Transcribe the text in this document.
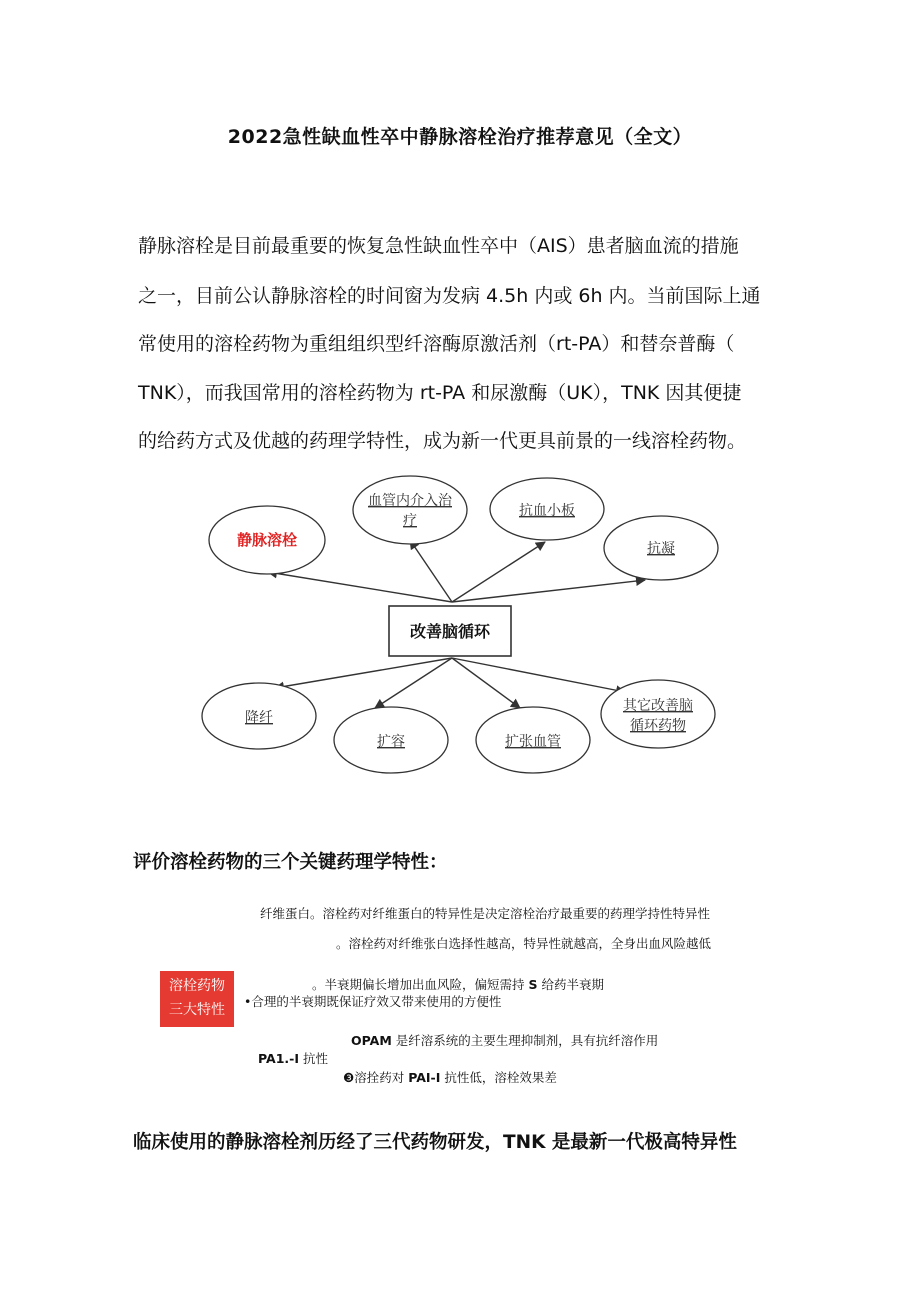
2022急性缺血性卒中静脉溶栓治疗推荐意见（全文）
静脉溶栓是目前最重要的恢复急性缺血性卒中（AIS）患者脑血流的措施
之一，目前公认静脉溶栓的时间窗为发病 4.5h 内或 6h 内。当前国际上通
常使用的溶栓药物为重组组织型纤溶酶原激活剂（rt-PA）和替奈普酶（
TNK），而我国常用的溶栓药物为 rt-PA 和尿激酶（UK），TNK 因其便捷
的给药方式及优越的药理学特性，成为新一代更具前景的一线溶栓药物。
改善脑循环
静脉溶栓
血管内介入治
疗
抗血小板
抗凝
降纤
扩容	扩张血管
其它改善脑
循环药物
评价溶栓药物的三个关键药理学特性：
纤维蛋白。溶栓药对纤维蛋白的特异性是决定溶栓治疗最重要的药理学持性特异性
。溶栓药对纤维张白选择性越高，特异性就越高，全身出血风险越低
溶栓药物
三大特性
。半衰期偏长增加出血风险，偏短需持 S 给药半衰期
•合理的半衰期既保证疗效又带来使用的方便性
OPAM 是纤溶系统的主要生理抑制剂，具有抗纤溶作用
PA1.-I 抗性
❸溶拴药对 PAI-I 抗性低，溶栓效果差
临床使用的静脉溶栓剂历经了三代药物研发，TNK 是最新一代极高特异性
